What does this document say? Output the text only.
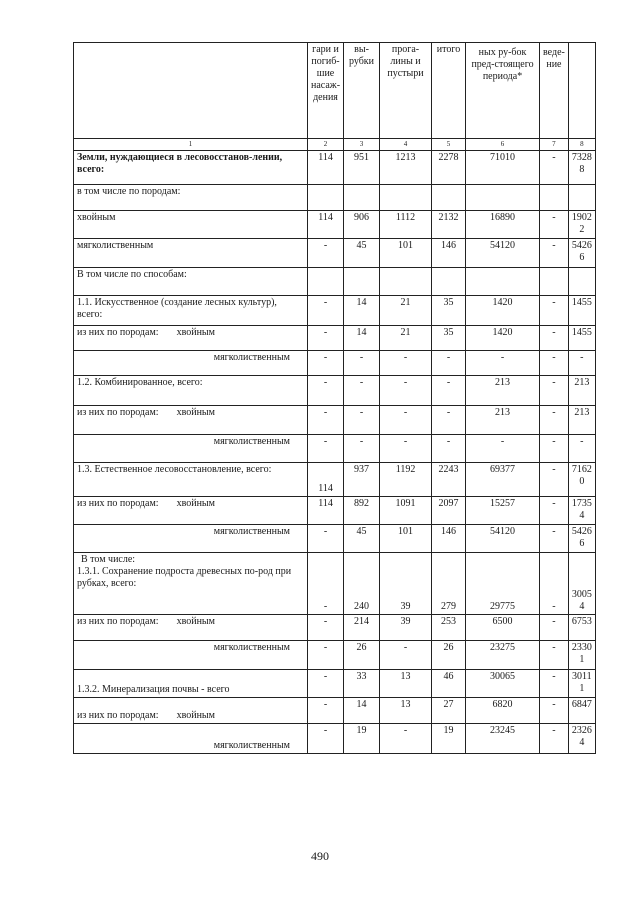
	гари и погиб-шие насаж-дения	вы-рубки	прога-лины и пустыри	итого	ных ру-бок пред-стоящего периода*	веде-ние	
1	2	3	4	5	6	7	8
Земли, нуждающиеся в лесовосстанов-лении, всего:	114	951	1213	2278	71010	-	7328 8
в том числе по породам:							
хвойным	114	906	1112	2132	16890	-	1902 2
мягколиственным	-	45	101	146	54120	-	5426 6
В том числе по способам:							
1.1. Искусственное (создание лесных культур), всего:	-	14	21	35	1420	-	1455
из них по породам: хвойным	-	14	21	35	1420	-	1455

мягколиственным	-	-	-	-	-	-	-
1.2. Комбинированное, всего:	-	-	-	-	213	-	213
из них по породам: хвойным	-	-	-	-	213	-	213

мягколиственным	-	-	-	-	-	-	-
1.3. Естественное лесовосстановление, всего:	114	937	1192	2243	69377	-	7162 0
из них по породам: хвойным	114	892	1091	2097	15257	-	1735 4

мягколиственным	-	45	101	146	54120	-	5426 6

В том числе:
1.3.1. Сохранение подроста древесных по-род при рубках, всего:	-	240	39	279	29775	-	3005 4
из них по породам: хвойным	-	214	39	253	6500	-	6753

мягколиственным	-	26	-	26	23275	-	2330 1
1.3.2. Минерализация почвы - всего	-	33	13	46	30065	-	3011 1
из них по породам: хвойным	-	14	13	27	6820	-	6847

мягколиственным	-	19	-	19	23245	-	2326 4
490
